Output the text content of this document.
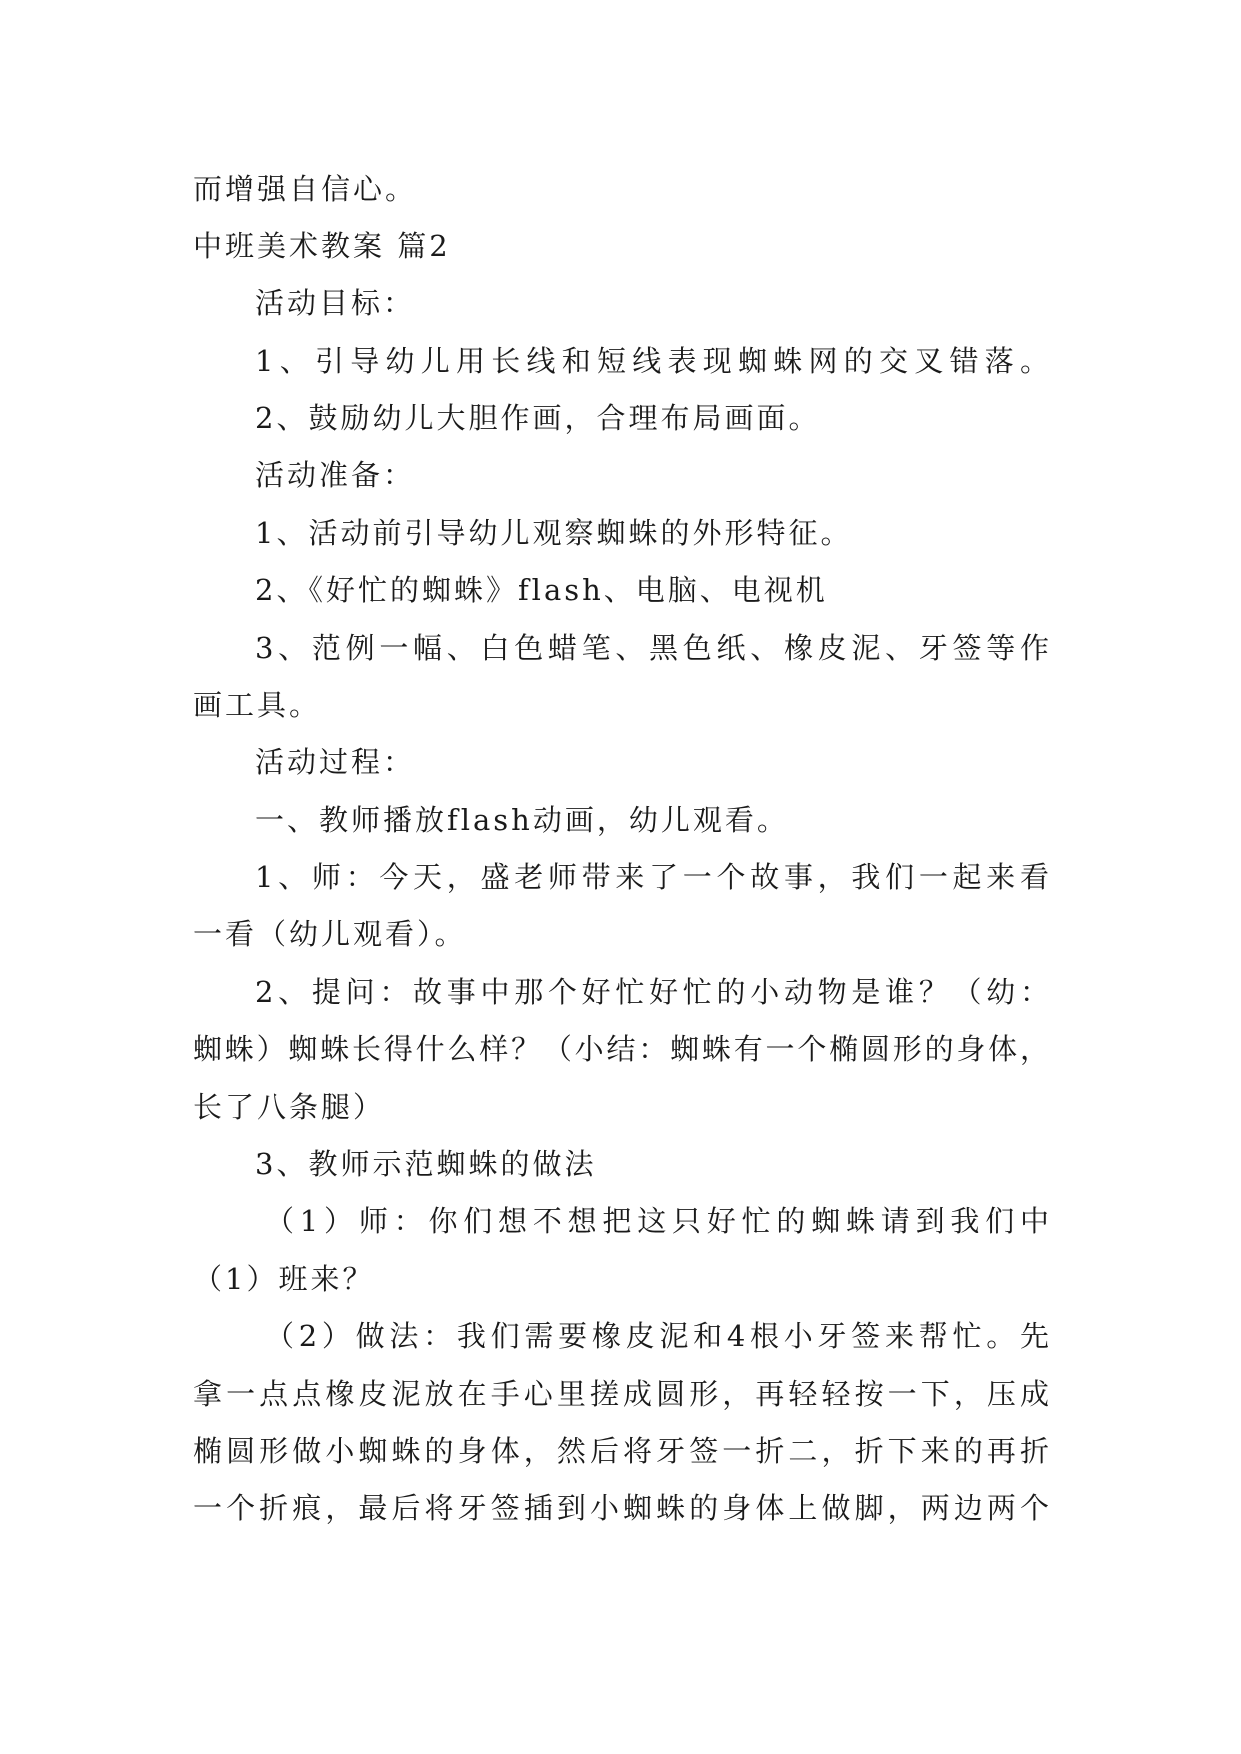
而增强自信心。
中班美术教案 篇2
活动目标：
1、引导幼儿用长线和短线表现蜘蛛网的交叉错落。
2、鼓励幼儿大胆作画，合理布局画面。
活动准备：
1、活动前引导幼儿观察蜘蛛的外形特征。
2、《好忙的蜘蛛》flash、电脑、电视机
3、范例一幅、白色蜡笔、黑色纸、橡皮泥、牙签等作
画工具。
活动过程：
一、教师播放flash动画，幼儿观看。
1、师：今天，盛老师带来了一个故事，我们一起来看
一看（幼儿观看）。
2、提问：故事中那个好忙好忙的小动物是谁？（幼：
蜘蛛）蜘蛛长得什么样？（小结：蜘蛛有一个椭圆形的身体，
长了八条腿）
3、教师示范蜘蛛的做法
（1）师：你们想不想把这只好忙的蜘蛛请到我们中
（1）班来？
（2）做法：我们需要橡皮泥和4根小牙签来帮忙。先
拿一点点橡皮泥放在手心里搓成圆形，再轻轻按一下，压成
椭圆形做小蜘蛛的身体，然后将牙签一折二，折下来的再折
一个折痕，最后将牙签插到小蜘蛛的身体上做脚，两边两个
